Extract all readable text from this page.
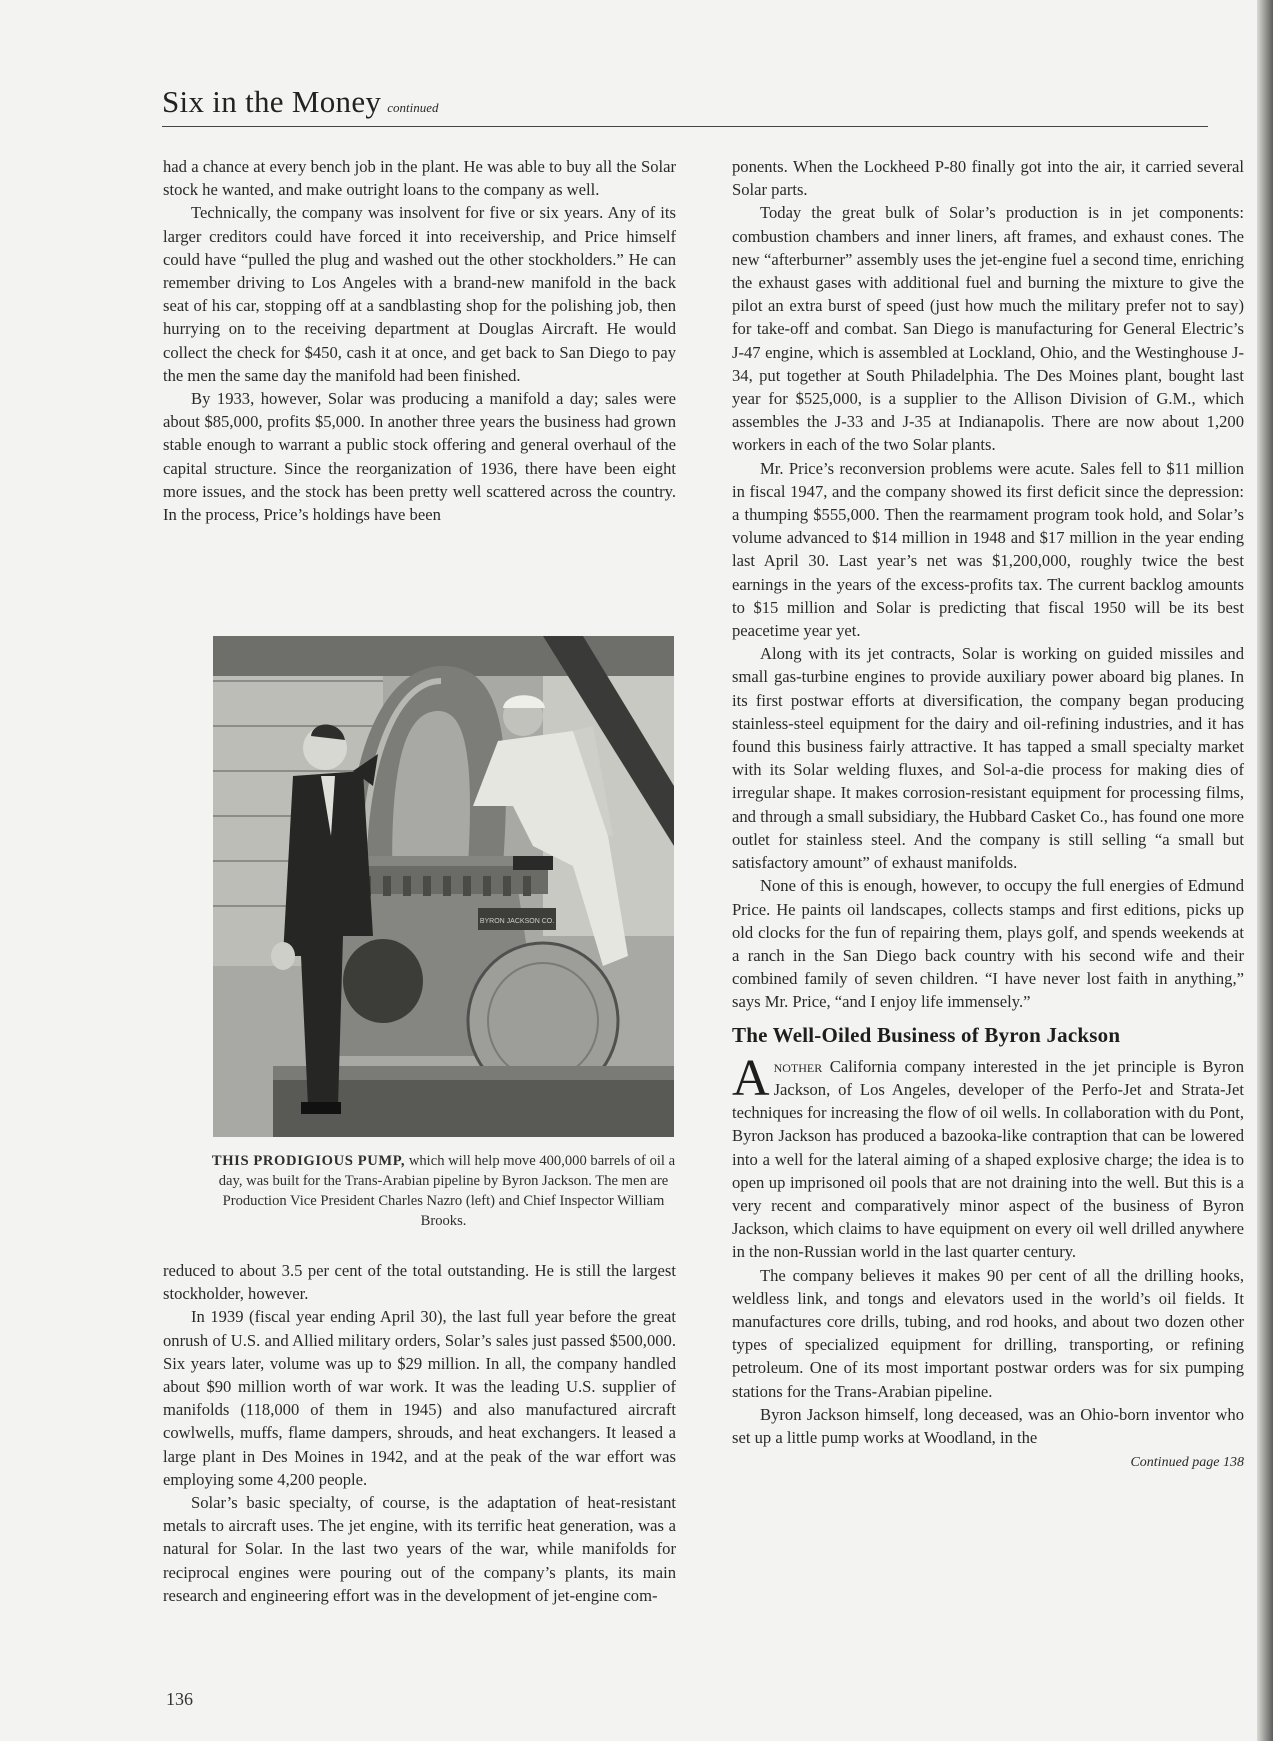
Six in the Money continued

had a chance at every bench job in the plant. He was able to buy all the Solar stock he wanted, and make outright loans to the company as well.

Technically, the company was insolvent for five or six years. Any of its larger creditors could have forced it into receivership, and Price himself could have “pulled the plug and washed out the other stockholders.” He can remember driving to Los Angeles with a brand-new manifold in the back seat of his car, stopping off at a sandblasting shop for the polishing job, then hurrying on to the receiving department at Douglas Aircraft. He would collect the check for $450, cash it at once, and get back to San Diego to pay the men the same day the manifold had been finished.

By 1933, however, Solar was producing a manifold a day; sales were about $85,000, profits $5,000. In another three years the business had grown stable enough to warrant a public stock offering and general overhaul of the capital structure. Since the reorganization of 1936, there have been eight more issues, and the stock has been pretty well scattered across the country. In the process, Price’s holdings have been

BYRON JACKSON CO.
THIS PRODIGIOUS PUMP, which will help move 400,000 barrels of oil a day, was built for the Trans-Arabian pipeline by Byron Jackson. The men are Production Vice President Charles Nazro (left) and Chief Inspector William Brooks.

reduced to about 3.5 per cent of the total outstanding. He is still the largest stockholder, however.

In 1939 (fiscal year ending April 30), the last full year before the great onrush of U.S. and Allied military orders, Solar’s sales just passed $500,000. Six years later, volume was up to $29 million. In all, the company handled about $90 million worth of war work. It was the leading U.S. supplier of manifolds (118,000 of them in 1945) and also manufactured aircraft cowlwells, muffs, flame dampers, shrouds, and heat exchangers. It leased a large plant in Des Moines in 1942, and at the peak of the war effort was employing some 4,200 people.

Solar’s basic specialty, of course, is the adaptation of heat-resistant metals to aircraft uses. The jet engine, with its terrific heat generation, was a natural for Solar. In the last two years of the war, while manifolds for reciprocal engines were pouring out of the company’s plants, its main research and engineering effort was in the development of jet-engine com-

ponents. When the Lockheed P-80 finally got into the air, it carried several Solar parts.

Today the great bulk of Solar’s production is in jet components: combustion chambers and inner liners, aft frames, and exhaust cones. The new “afterburner” assembly uses the jet-engine fuel a second time, enriching the exhaust gases with additional fuel and burning the mixture to give the pilot an extra burst of speed (just how much the military prefer not to say) for take-off and combat. San Diego is manufacturing for General Electric’s J-47 engine, which is assembled at Lockland, Ohio, and the Westinghouse J-34, put together at South Philadelphia. The Des Moines plant, bought last year for $525,000, is a supplier to the Allison Division of G.M., which assembles the J-33 and J-35 at Indianapolis. There are now about 1,200 workers in each of the two Solar plants.

Mr. Price’s reconversion problems were acute. Sales fell to $11 million in fiscal 1947, and the company showed its first deficit since the depression: a thumping $555,000. Then the rearmament program took hold, and Solar’s volume advanced to $14 million in 1948 and $17 million in the year ending last April 30. Last year’s net was $1,200,000, roughly twice the best earnings in the years of the excess-profits tax. The current backlog amounts to $15 million and Solar is predicting that fiscal 1950 will be its best peacetime year yet.

Along with its jet contracts, Solar is working on guided missiles and small gas-turbine engines to provide auxiliary power aboard big planes. In its first postwar efforts at diversification, the company began producing stainless-steel equipment for the dairy and oil-refining industries, and it has found this business fairly attractive. It has tapped a small specialty market with its Solar welding fluxes, and Sol-a-die process for making dies of irregular shape. It makes corrosion-resistant equipment for processing films, and through a small subsidiary, the Hubbard Casket Co., has found one more outlet for stainless steel. And the company is still selling “a small but satisfactory amount” of exhaust manifolds.

None of this is enough, however, to occupy the full energies of Edmund Price. He paints oil landscapes, collects stamps and first editions, picks up old clocks for the fun of repairing them, plays golf, and spends weekends at a ranch in the San Diego back country with his second wife and their combined family of seven children. “I have never lost faith in anything,” says Mr. Price, “and I enjoy life immensely.”

The Well-Oiled Business of Byron Jackson

Another California company interested in the jet principle is Byron Jackson, of Los Angeles, developer of the Perfo-Jet and Strata-Jet techniques for increasing the flow of oil wells. In collaboration with du Pont, Byron Jackson has produced a bazooka-like contraption that can be lowered into a well for the lateral aiming of a shaped explosive charge; the idea is to open up imprisoned oil pools that are not draining into the well. But this is a very recent and comparatively minor aspect of the business of Byron Jackson, which claims to have equipment on every oil well drilled anywhere in the non-Russian world in the last quarter century.

The company believes it makes 90 per cent of all the drilling hooks, weldless link, and tongs and elevators used in the world’s oil fields. It manufactures core drills, tubing, and rod hooks, and about two dozen other types of specialized equipment for drilling, transporting, or refining petroleum. One of its most important postwar orders was for six pumping stations for the Trans-Arabian pipeline.

Byron Jackson himself, long deceased, was an Ohio-born inventor who set up a little pump works at Woodland, in the

Continued page 138
136
